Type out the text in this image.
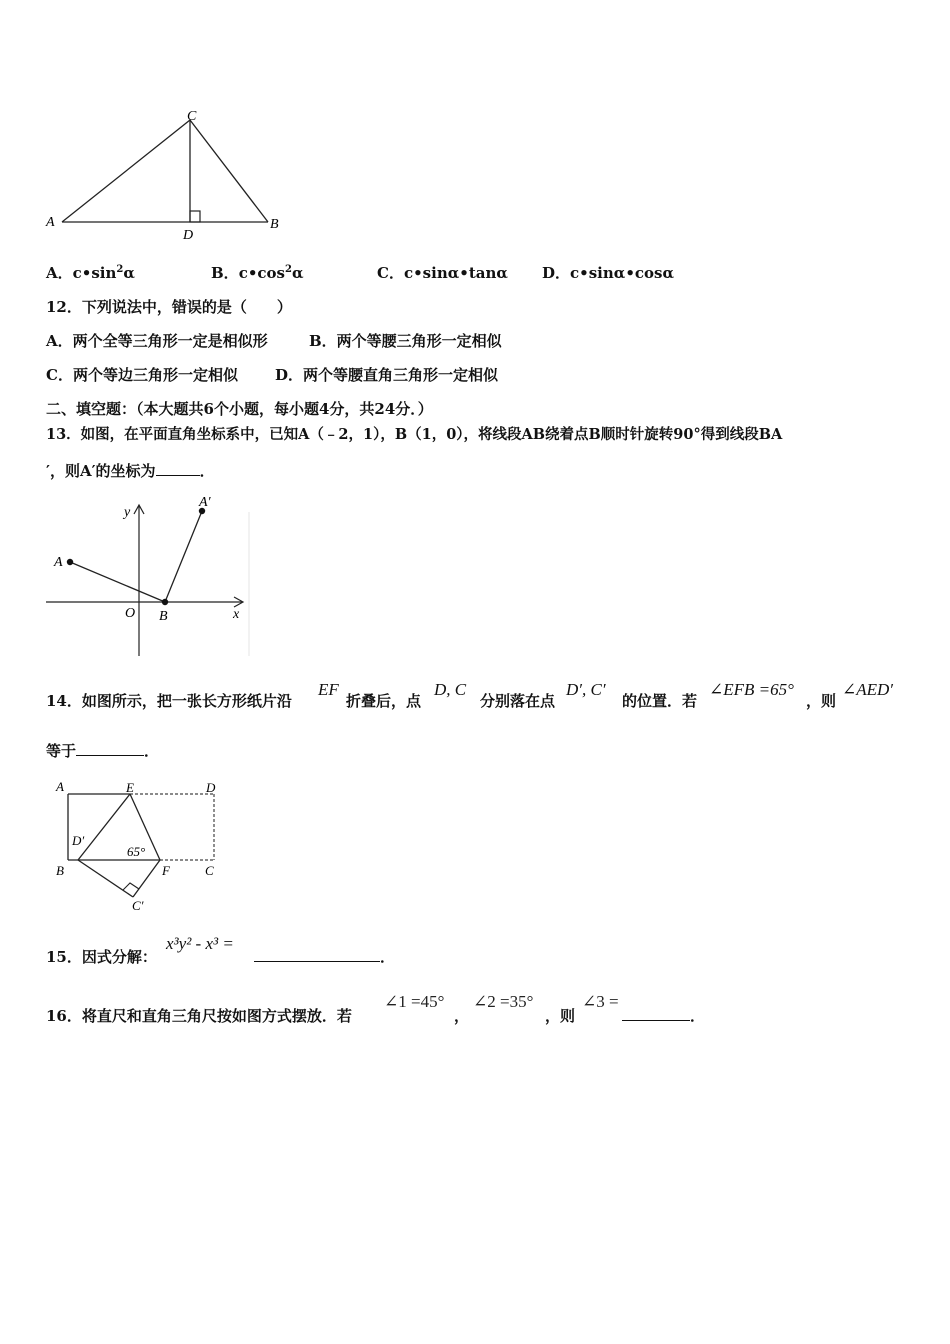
A
C
B
D
A．$c•\sin^2\alpha$	B．$c•\cos^2\alpha$	C．c•sinα•tanα D．c•sinα•cosα
12．下列说法中，错误的是（　　）
A．两个全等三角形一定是相似形	B．两个等腰三角形一定相似
C．两个等边三角形一定相似 D．两个等腰直角三角形一定相似
二、填空题：（本大题共6个小题，每小题4分，共24分．）
13．如图，在平面直角坐标系中，已知A（﹣2，1），B（1，0），将线段AB绕着点B顺时针旋转90°得到线段BA
′，则A′的坐标为	．
y
x
O
A
B
A′
14．如图所示，把一张长方形纸片沿
EF
折叠后，点
D, C
分别落在点
D′, C′
的位置．若
∠EFB =65°
，则
∠AED′
等于	．
A	E	D
D′
B	F	C
C′
65°
15．因式分解：
x³y² - x³ =
．
16．将直尺和直角三角尺按如图方式摆放．若
∠1 =45°
，
∠2 =35°
，则
∠3 =
．
